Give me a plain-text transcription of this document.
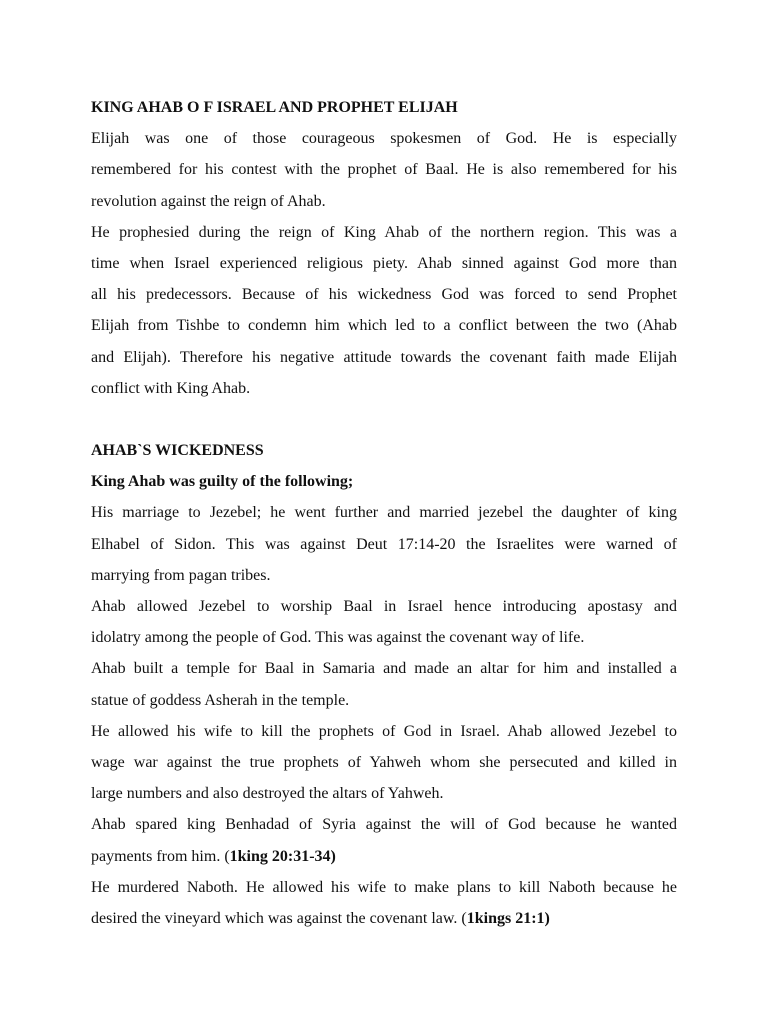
KING AHAB O F ISRAEL AND PROPHET ELIJAH
Elijah was one of those courageous spokesmen of God. He is especially
remembered for his contest with the prophet of Baal. He is also remembered for his
revolution against the reign of Ahab.
He prophesied during the reign of King Ahab of the northern region. This was a
time when Israel experienced religious piety. Ahab sinned against God more than
all his predecessors. Because of his wickedness God was forced to send Prophet
Elijah from Tishbe to condemn him which led to a conflict between the two (Ahab
and Elijah). Therefore his negative attitude towards the covenant faith made Elijah
conflict with King Ahab.
AHAB`S WICKEDNESS
King Ahab was guilty of the following;
His marriage to Jezebel; he went further and married jezebel the daughter of king
Elhabel of Sidon. This was against Deut 17:14-20 the Israelites were warned of
marrying from pagan tribes.
Ahab allowed Jezebel to worship Baal in Israel hence introducing apostasy and
idolatry among the people of God. This was against the covenant way of life.
Ahab built a temple for Baal in Samaria and made an altar for him and installed a
statue of goddess Asherah in the temple.
He allowed his wife to kill the prophets of God in Israel. Ahab allowed Jezebel to
wage war against the true prophets of Yahweh whom she persecuted and killed in
large numbers and also destroyed the altars of Yahweh.
Ahab spared king Benhadad of Syria against the will of God because he wanted
payments from him. (1king 20:31-34)
He murdered Naboth. He allowed his wife to make plans to kill Naboth because he
desired the vineyard which was against the covenant law. (1kings 21:1)
